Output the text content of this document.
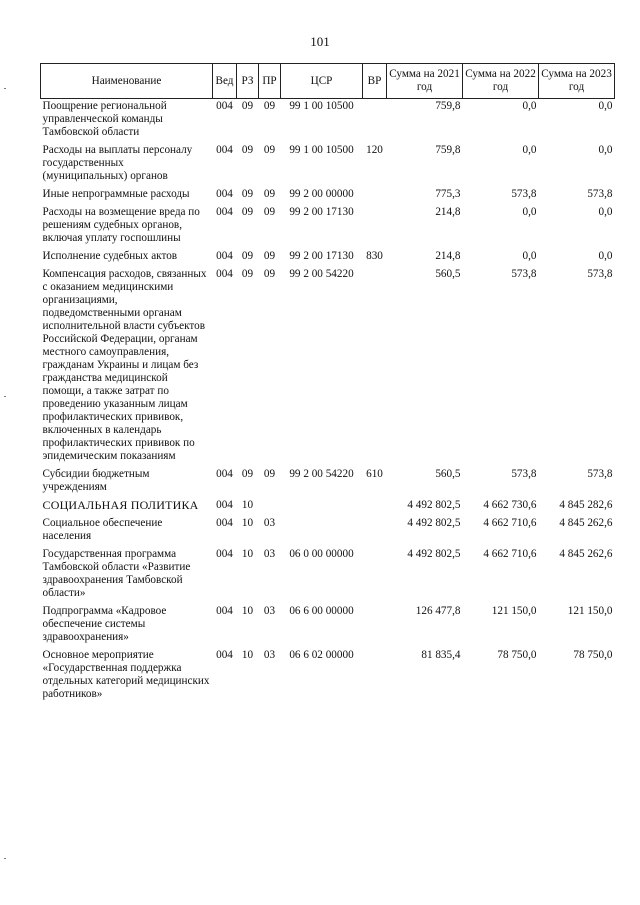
101
Наименование	Вед	РЗ	ПР	ЦСР	ВР	Сумма на 2021 год	Сумма на 2022 год	Сумма на 2023 год
Поощрение региональной управленческой команды Тамбовской области	004	09	09	99 1 00 10500		759,8	0,0	0,0
Расходы на выплаты персоналу государственных (муниципальных) органов	004	09	09	99 1 00 10500	120	759,8	0,0	0,0
Иные непрограммные расходы	004	09	09	99 2 00 00000		775,3	573,8	573,8
Расходы на возмещение вреда по решениям судебных органов, включая уплату госпошлины	004	09	09	99 2 00 17130		214,8	0,0	0,0
Исполнение судебных актов	004	09	09	99 2 00 17130	830	214,8	0,0	0,0
Компенсация расходов, связанных с оказанием медицинскими организациями, подведомственными органам исполнительной власти субъектов Российской Федерации, органам местного самоуправления, гражданам Украины и лицам без гражданства медицинской помощи, а также затрат по проведению указанным лицам профилактических прививок, включенных в календарь профилактических прививок по эпидемическим показаниям	004	09	09	99 2 00 54220		560,5	573,8	573,8
Субсидии бюджетным учреждениям	004	09	09	99 2 00 54220	610	560,5	573,8	573,8
СОЦИАЛЬНАЯ ПОЛИТИКА	004	10				4 492 802,5	4 662 730,6	4 845 282,6
Социальное обеспечение населения	004	10	03			4 492 802,5	4 662 710,6	4 845 262,6
Государственная программа Тамбовской области «Развитие здравоохранения Тамбовской области»	004	10	03	06 0 00 00000		4 492 802,5	4 662 710,6	4 845 262,6
Подпрограмма «Кадровое обеспечение системы здравоохранения»	004	10	03	06 6 00 00000		126 477,8	121 150,0	121 150,0
Основное мероприятие «Государственная поддержка отдельных категорий медицинских работников»	004	10	03	06 6 02 00000		81 835,4	78 750,0	78 750,0
